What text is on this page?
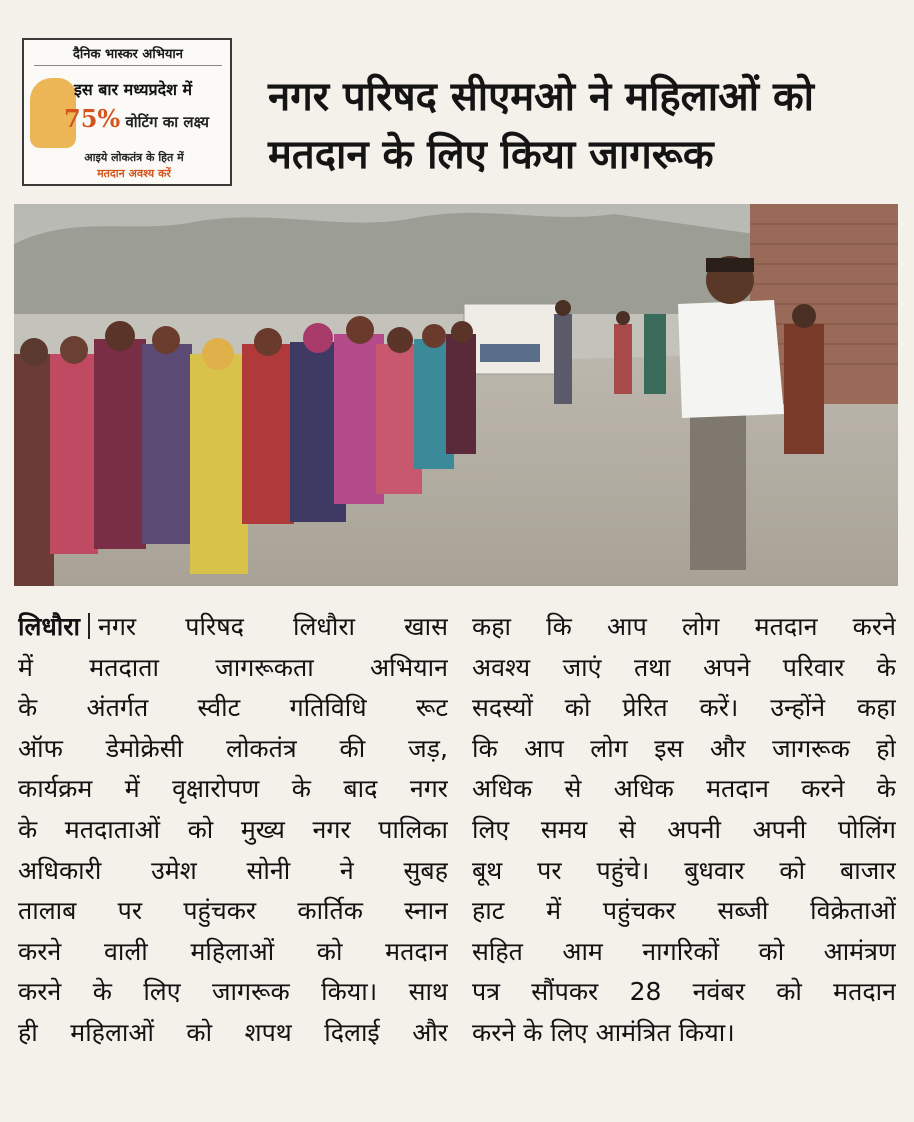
दैनिक भास्कर अभियान
इस बार मध्यप्रदेश में
75% वोटिंग का लक्ष्य
आइये लोकतंत्र के हित में
मतदान अवश्य करें
नगर परिषद सीएमओ ने महिलाओं को
मतदान के लिए किया जागरूक
लिधौरा नगर परिषद लिधौरा खास
में मतदाता जागरूकता अभियान
के अंतर्गत स्वीट गतिविधि रूट
ऑफ डेमोक्रेसी लोकतंत्र की जड़,
कार्यक्रम में वृक्षारोपण के बाद नगर
के मतदाताओं को मुख्य नगर पालिका
अधिकारी उमेश सोनी ने सुबह
तालाब पर पहुंचकर कार्तिक स्नान
करने वाली महिलाओं को मतदान
करने के लिए जागरूक किया। साथ
ही महिलाओं को शपथ दिलाई और
कहा कि आप लोग मतदान करने
अवश्य जाएं तथा अपने परिवार के
सदस्यों को प्रेरित करें। उन्होंने कहा
कि आप लोग इस और जागरूक हो
अधिक से अधिक मतदान करने के
लिए समय से अपनी अपनी पोलिंग
बूथ पर पहुंचे। बुधवार को बाजार
हाट में पहुंचकर सब्जी विक्रेताओं
सहित आम नागरिकों को आमंत्रण
पत्र सौंपकर 28 नवंबर को मतदान
करने के लिए आमंत्रित किया।
